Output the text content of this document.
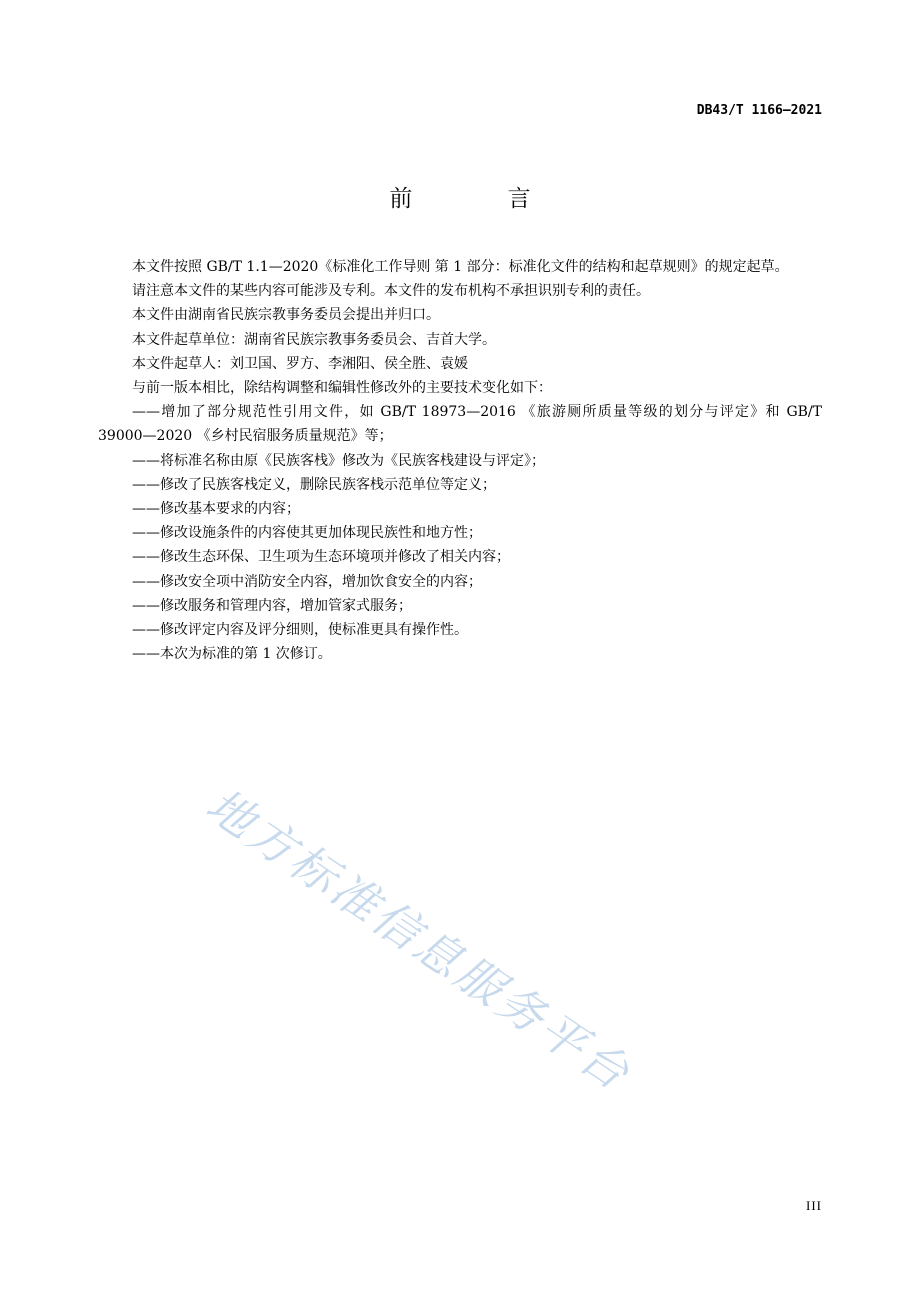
DB43/T 1166—2021
前 言

本文件按照 GB/T 1.1—2020《标准化工作导则 第 1 部分：标准化文件的结构和起草规则》的规定起草。

请注意本文件的某些内容可能涉及专利。本文件的发布机构不承担识别专利的责任。

本文件由湖南省民族宗教事务委员会提出并归口。

本文件起草单位：湖南省民族宗教事务委员会、吉首大学。

本文件起草人：刘卫国、罗方、李湘阳、侯全胜、袁媛

与前一版本相比，除结构调整和编辑性修改外的主要技术变化如下：

——增加了部分规范性引用文件，如 GB/T 18973—2016 《旅游厕所质量等级的划分与评定》和 GB/T 39000—2020 《乡村民宿服务质量规范》等；

——将标准名称由原《民族客栈》修改为《民族客栈建设与评定》；

——修改了民族客栈定义，删除民族客栈示范单位等定义；

——修改基本要求的内容；

——修改设施条件的内容使其更加体现民族性和地方性；

——修改生态环保、卫生项为生态环境项并修改了相关内容；

——修改安全项中消防安全内容，增加饮食安全的内容；

——修改服务和管理内容，增加管家式服务；

——修改评定内容及评分细则，使标准更具有操作性。

——本次为标准的第 1 次修订。

地方标准信息服务平台
III
